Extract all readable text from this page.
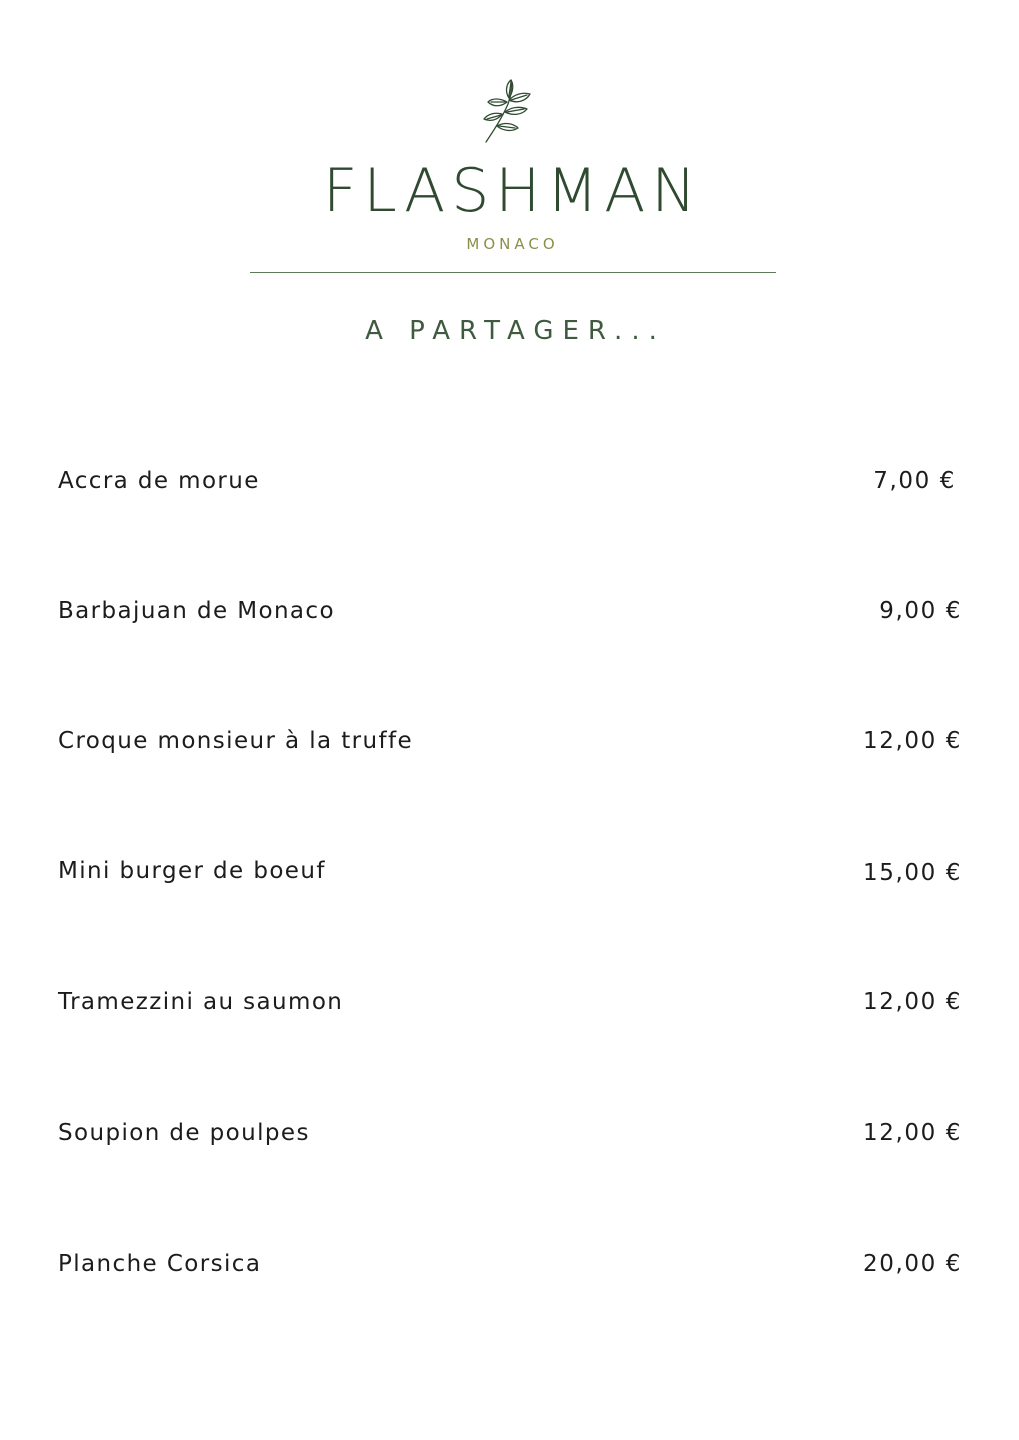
FLASHMAN
MONACO
A PARTAGER...
Accra de morue	7,00 €
Barbajuan de Monaco	9,00 €
Croque monsieur à la truffe	12,00 €
Mini burger de boeuf	15,00 €
Tramezzini au saumon	12,00 €
Soupion de poulpes	12,00 €
Planche Corsica	20,00 €
